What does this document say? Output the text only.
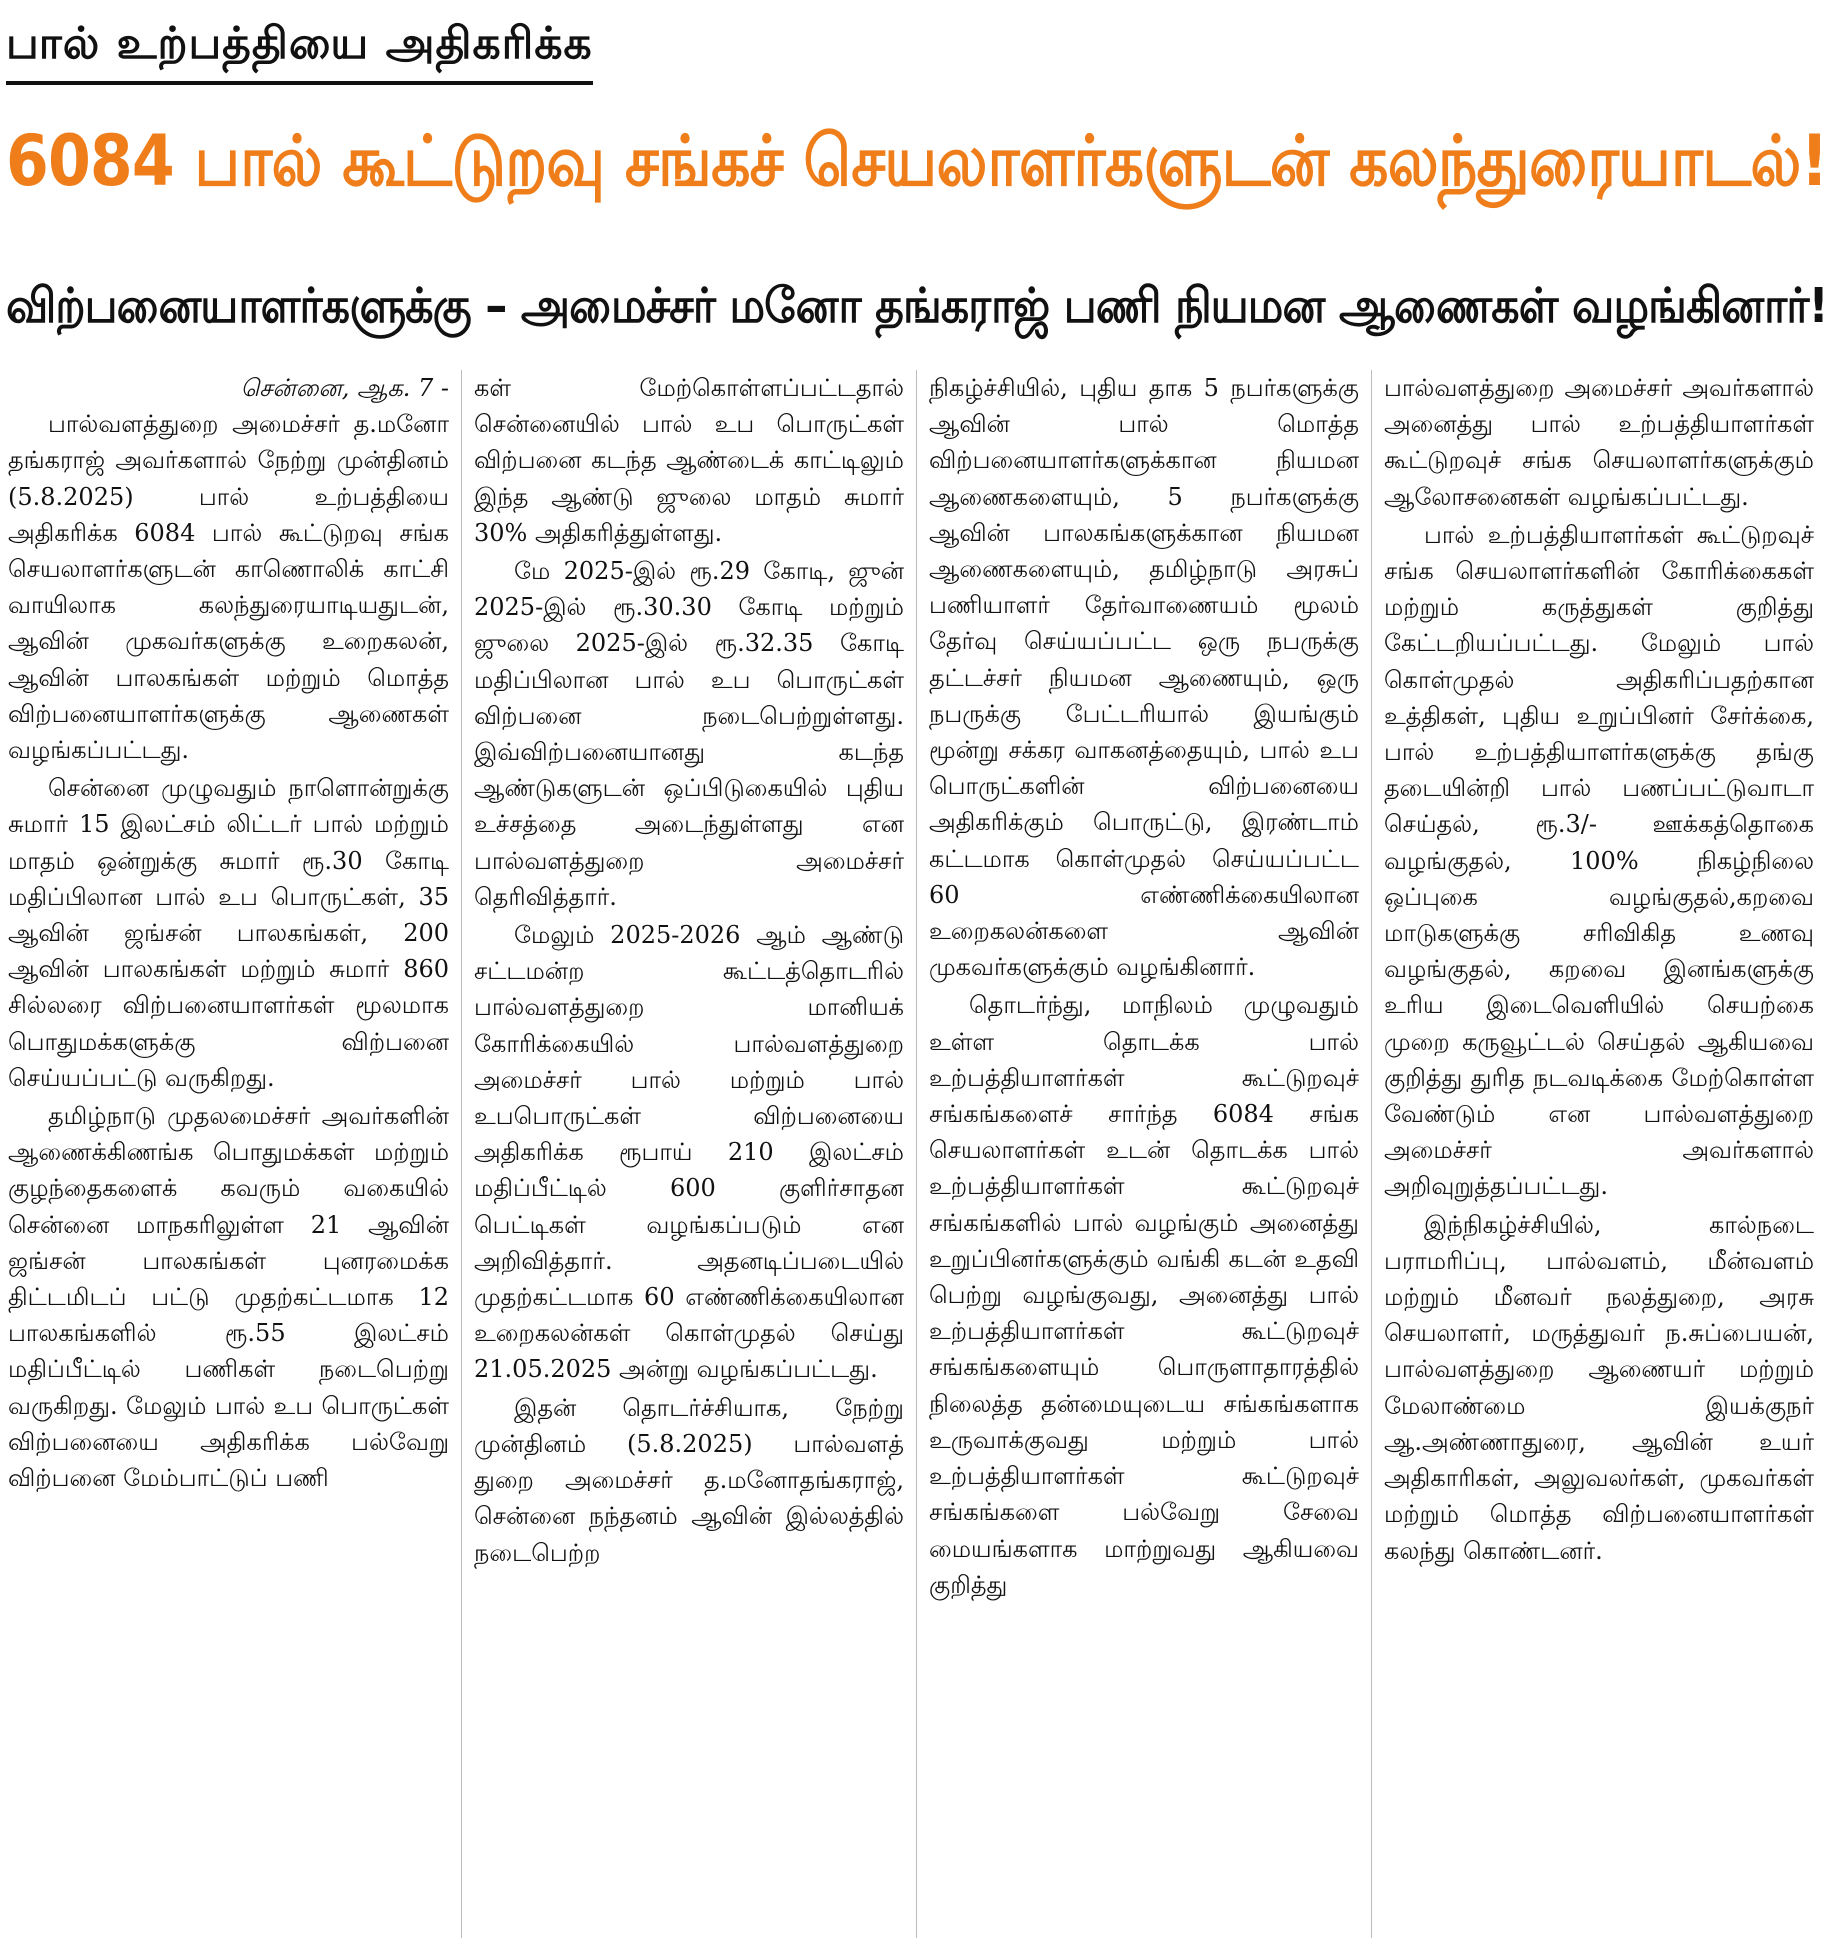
பால் உற்பத்தியை அதிகரிக்க
6084 பால் கூட்டுறவு சங்கச் செயலாளர்களுடன் கலந்துரையாடல்!
விற்பனையாளர்களுக்கு – அமைச்சர் மனோ தங்கராஜ் பணி நியமன ஆணைகள் வழங்கினார்!

சென்னை, ஆக. 7 -

பால்வளத்துறை அமைச்சர் த.மனோ தங்கராஜ் அவர்களால் நேற்று முன்தினம் (5.8.2025) பால் உற்பத்தியை அதிகரிக்க 6084 பால் கூட்டுறவு சங்க செயலாளர்களுடன் காணொலிக் காட்சி வாயிலாக கலந்துரையாடியதுடன், ஆவின் முகவர்களுக்கு உறைகலன், ஆவின் பாலகங்கள் மற்றும் மொத்த விற்பனையாளர்களுக்கு ஆணைகள் வழங்கப்பட்டது.

சென்னை முழுவதும் நாளொன்றுக்கு சுமார் 15 இலட்சம் லிட்டர் பால் மற்றும் மாதம் ஒன்றுக்கு சுமார் ரூ.30 கோடி மதிப்பிலான பால் உப பொருட்கள், 35 ஆவின் ஜங்சன் பாலகங்கள், 200 ஆவின் பாலகங்கள் மற்றும் சுமார் 860 சில்லரை விற்பனையாளர்கள் மூலமாக பொதுமக்களுக்கு விற்பனை செய்யப்பட்டு வருகிறது.

தமிழ்நாடு முதலமைச்சர் அவர்களின் ஆணைக்கிணங்க பொதுமக்கள் மற்றும் குழந்தைகளைக் கவரும் வகையில் சென்னை மாநகரிலுள்ள 21 ஆவின் ஜங்சன் பாலகங்கள் புனரமைக்க திட்டமிடப் பட்டு முதற்கட்டமாக 12 பாலகங்களில் ரூ.55 இலட்சம் மதிப்பீட்டில் பணிகள் நடைபெற்று வருகிறது. மேலும் பால் உப பொருட்கள் விற்பனையை அதிகரிக்க பல்வேறு விற்பனை மேம்பாட்டுப் பணி

கள் மேற்கொள்ளப்பட்டதால் சென்னையில் பால் உப பொருட்கள் விற்பனை கடந்த ஆண்டைக் காட்டிலும் இந்த ஆண்டு ஜுலை மாதம் சுமார் 30% அதிகரித்துள்ளது.

மே 2025-இல் ரூ.29 கோடி, ஜுன் 2025-இல் ரூ.30.30 கோடி மற்றும் ஜுலை 2025-இல் ரூ.32.35 கோடி மதிப்பிலான பால் உப பொருட்கள் விற்பனை நடைபெற்றுள்ளது. இவ்விற்பனையானது கடந்த ஆண்டுகளுடன் ஒப்பிடுகையில் புதிய உச்சத்தை அடைந்துள்ளது என பால்வளத்துறை அமைச்சர் தெரிவித்தார்.

மேலும் 2025-2026 ஆம் ஆண்டு சட்டமன்ற கூட்டத்தொடரில் பால்வளத்துறை மானியக் கோரிக்கையில் பால்வளத்துறை அமைச்சர் பால் மற்றும் பால் உபபொருட்கள் விற்பனையை அதிகரிக்க ரூபாய் 210 இலட்சம் மதிப்பீட்டில் 600 குளிர்சாதன பெட்டிகள் வழங்கப்படும் என அறிவித்தார். அதனடிப்படையில் முதற்கட்டமாக 60 எண்ணிக்கையிலான உறைகலன்கள் கொள்முதல் செய்து 21.05.2025 அன்று வழங்கப்பட்டது.

இதன் தொடர்ச்சியாக, நேற்று முன்தினம் (5.8.2025) பால்வளத் துறை அமைச்சர் த.மனோதங்கராஜ், சென்னை நந்தனம் ஆவின் இல்லத்தில் நடைபெற்ற

நிகழ்ச்சியில், புதிய தாக 5 நபர்களுக்கு ஆவின் பால் மொத்த விற்பனையாளர்களுக்கான நியமன ஆணைகளையும், 5 நபர்களுக்கு ஆவின் பாலகங்களுக்கான நியமன ஆணைகளையும், தமிழ்நாடு அரசுப் பணியாளர் தேர்வாணையம் மூலம் தேர்வு செய்யப்பட்ட ஒரு நபருக்கு தட்டச்சர் நியமன ஆணையும், ஒரு நபருக்கு பேட்டரியால் இயங்கும் மூன்று சக்கர வாகனத்தையும், பால் உப பொருட்களின் விற்பனையை அதிகரிக்கும் பொருட்டு, இரண்டாம் கட்டமாக கொள்முதல் செய்யப்பட்ட 60 எண்ணிக்கையிலான உறைகலன்களை ஆவின் முகவர்களுக்கும் வழங்கினார்.

தொடர்ந்து, மாநிலம் முழுவதும் உள்ள தொடக்க பால் உற்பத்தியாளர்கள் கூட்டுறவுச் சங்கங்களைச் சார்ந்த 6084 சங்க செயலாளர்கள் உடன் தொடக்க பால் உற்பத்தியாளர்கள் கூட்டுறவுச் சங்கங்களில் பால் வழங்கும் அனைத்து உறுப்பினர்களுக்கும் வங்கி கடன் உதவி பெற்று வழங்குவது, அனைத்து பால் உற்பத்தியாளர்கள் கூட்டுறவுச் சங்கங்களையும் பொருளாதாரத்தில் நிலைத்த தன்மையுடைய சங்கங்களாக உருவாக்குவது மற்றும் பால் உற்பத்தியாளர்கள் கூட்டுறவுச் சங்கங்களை பல்வேறு சேவை மையங்களாக மாற்றுவது ஆகியவை குறித்து

பால்வளத்துறை அமைச்சர் அவர்களால் அனைத்து பால் உற்பத்தியாளர்கள் கூட்டுறவுச் சங்க செயலாளர்களுக்கும் ஆலோசனைகள் வழங்கப்பட்டது.

பால் உற்பத்தியாளர்கள் கூட்டுறவுச் சங்க செயலாளர்களின் கோரிக்கைகள் மற்றும் கருத்துகள் குறித்து கேட்டறியப்பட்டது. மேலும் பால் கொள்முதல் அதிகரிப்பதற்கான உத்திகள், புதிய உறுப்பினர் சேர்க்கை, பால் உற்பத்தியாளர்களுக்கு தங்கு தடையின்றி பால் பணப்பட்டுவாடா செய்தல், ரூ.3/- ஊக்கத்தொகை வழங்குதல், 100% நிகழ்நிலை ஒப்புகை வழங்குதல்,கறவை மாடுகளுக்கு சரிவிகித உணவு வழங்குதல், கறவை இனங்களுக்கு உரிய இடைவெளியில் செயற்கை முறை கருவூட்டல் செய்தல் ஆகியவை குறித்து துரித நடவடிக்கை மேற்கொள்ள வேண்டும் என பால்வளத்துறை அமைச்சர் அவர்களால் அறிவுறுத்தப்பட்டது.

இந்நிகழ்ச்சியில், கால்நடை பராமரிப்பு, பால்வளம், மீன்வளம் மற்றும் மீனவர் நலத்துறை, அரசு செயலாளர், மருத்துவர் ந.சுப்பையன், பால்வளத்துறை ஆணையர் மற்றும் மேலாண்மை இயக்குநர் ஆ.அண்ணாதுரை, ஆவின் உயர் அதிகாரிகள், அலுவலர்கள், முகவர்கள் மற்றும் மொத்த விற்பனையாளர்கள் கலந்து கொண்டனர்.
